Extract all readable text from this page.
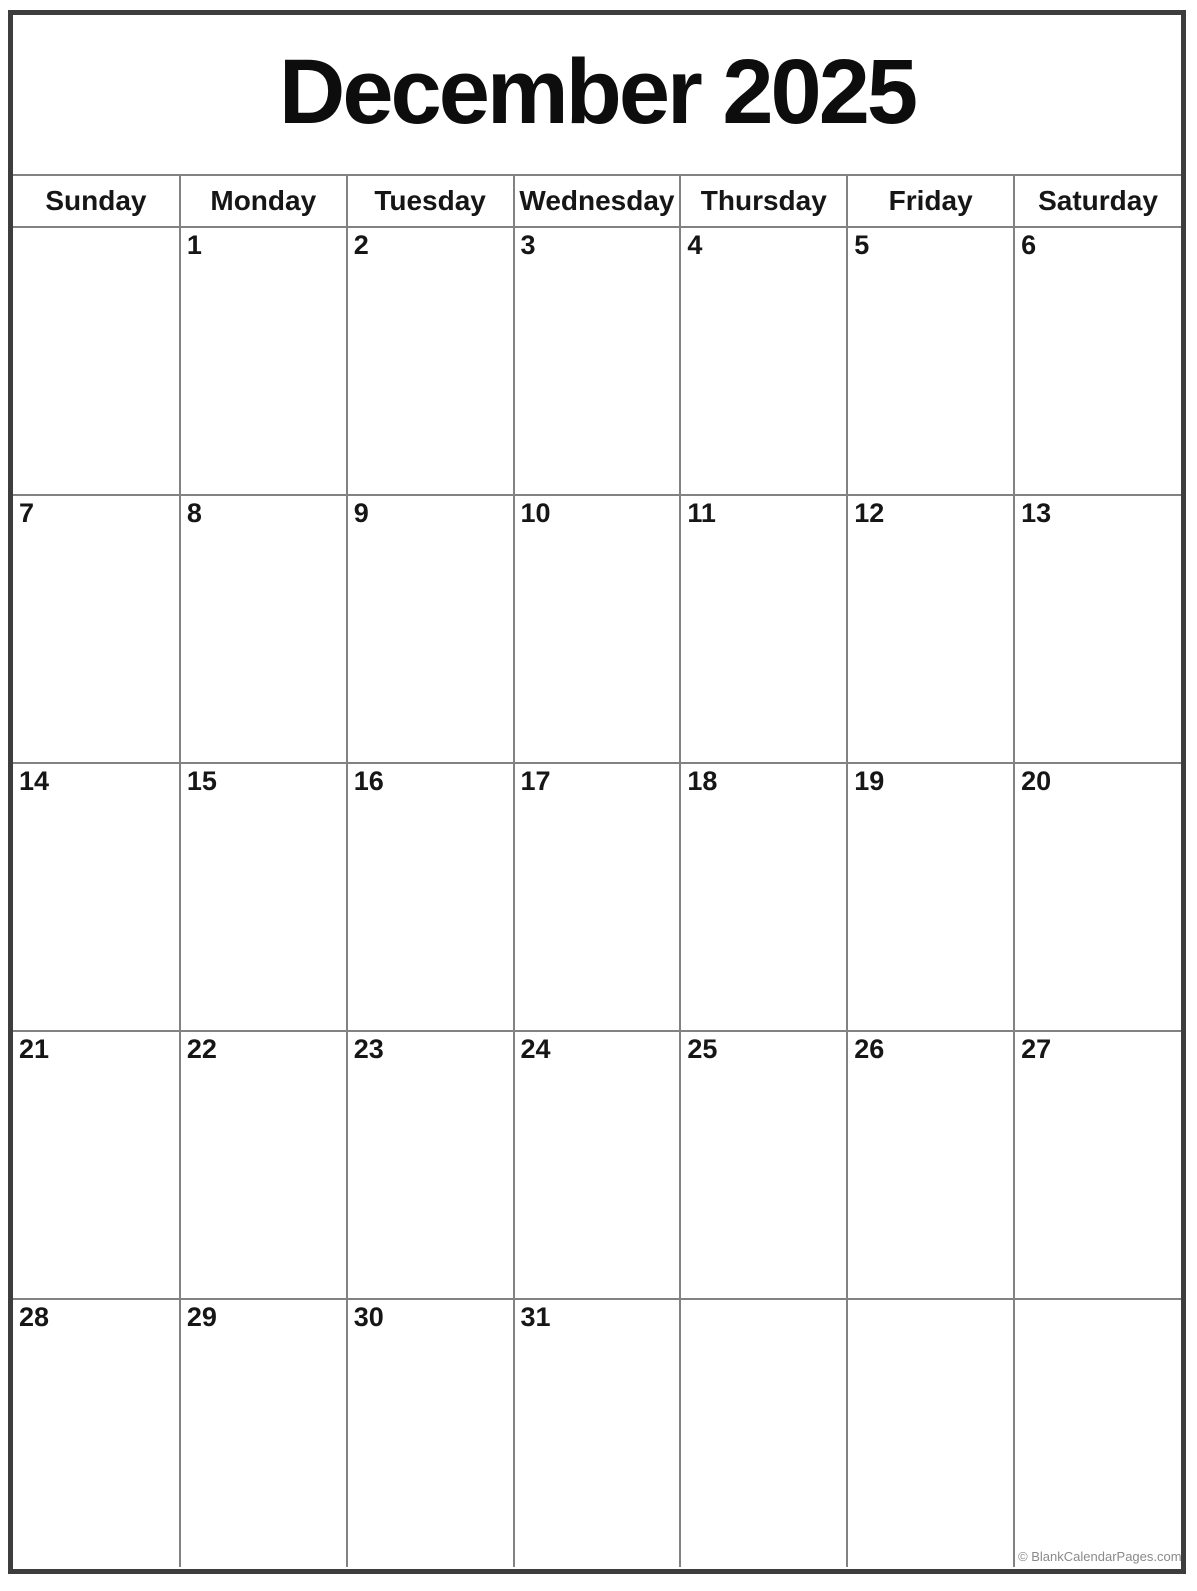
December 2025
Sunday	Monday	Tuesday	Wednesday	Thursday	Friday	Saturday

	1	2	3	4	5	6

7	8	9	10	11	12	13

14	15	16	17	18	19	20

21	22	23	24	25	26	27

28	29	30	31			© BlankCalendarPages.com
